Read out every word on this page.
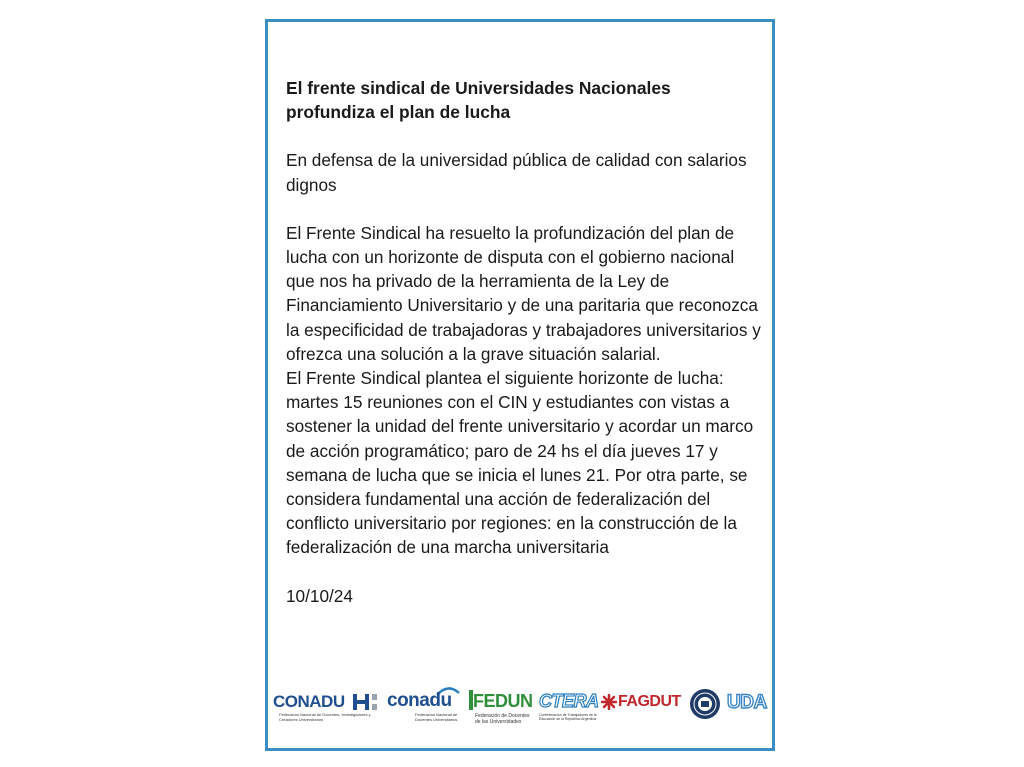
El frente sindical de Universidades Nacionales profundiza el plan de lucha

En defensa de la universidad pública de calidad con salarios dignos

El Frente Sindical ha resuelto la profundización del plan de lucha con un horizonte de disputa con el gobierno nacional que nos ha privado de la herramienta de la Ley de Financiamiento Universitario y de una paritaria que reconozca la especificidad de trabajadoras y trabajadores universitarios y ofrezca una solución a la grave situación salarial.

El Frente Sindical plantea el siguiente horizonte de lucha: martes 15 reuniones con el CIN y estudiantes con vistas a sostener la unidad del frente universitario y acordar un marco de acción programático; paro de 24 hs el día jueves 17 y semana de lucha que se inicia el lunes 21. Por otra parte, se considera fundamental una acción de federalización del conflicto universitario por regiones: en la construcción de la federalización de una marcha universitaria

10/10/24

CONADU
Federación Nacional de Docentes, Investigadores y Creadores Universitarios
conadu
Federación Nacional de Docentes Universitarios
FEDUN
Federación de Docentes de las Universidades
CTERA
Confederación de Trabajadores de la Educación de la República Argentina
FAGDUT UDA
